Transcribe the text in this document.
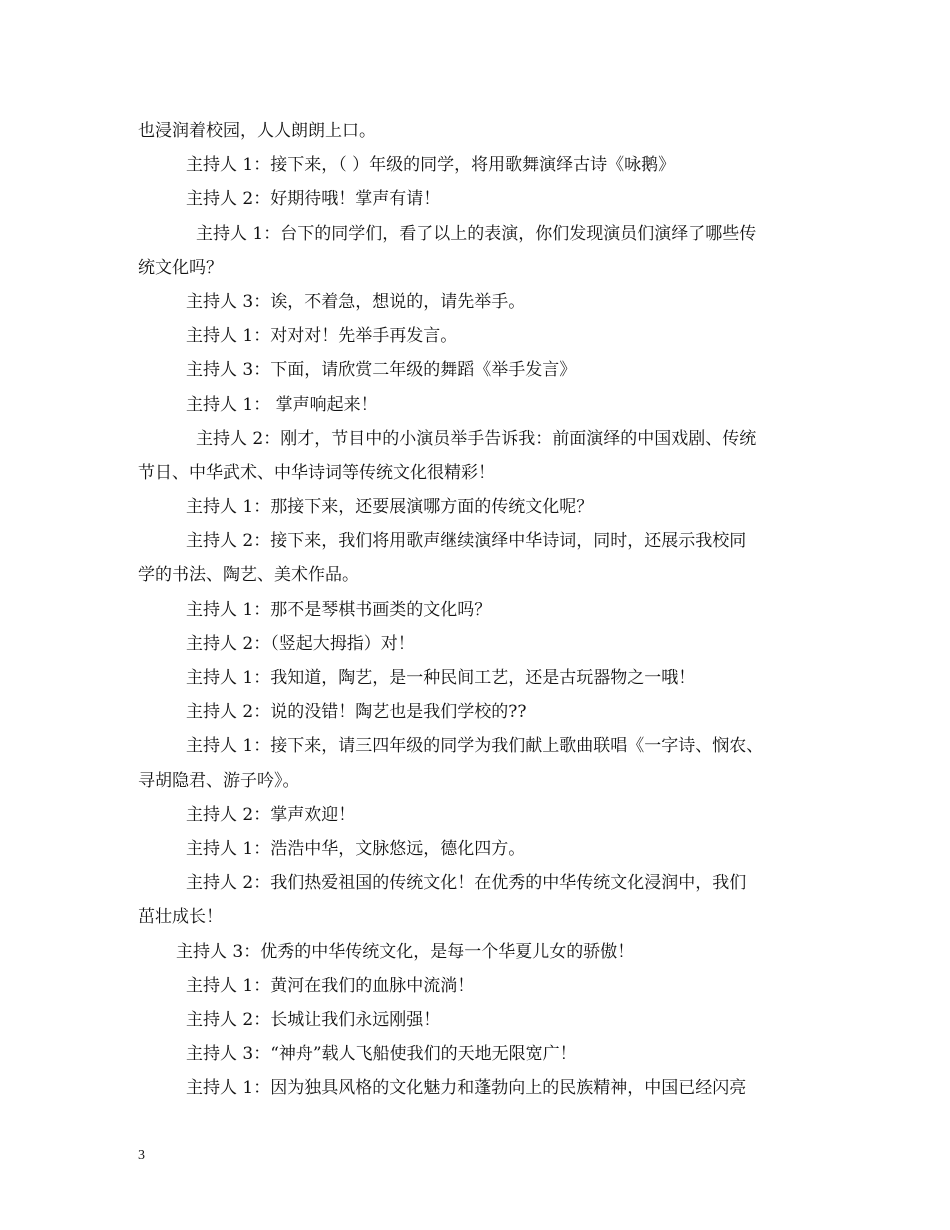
也浸润着校园，人人朗朗上口。
主持人 1：接下来，（ ）年级的同学，将用歌舞演绎古诗《咏鹅》
主持人 2：好期待哦！掌声有请！
主持人 1：台下的同学们，看了以上的表演，你们发现演员们演绎了哪些传
统文化吗？
主持人 3：诶，不着急，想说的，请先举手。
主持人 1：对对对！先举手再发言。
主持人 3：下面，请欣赏二年级的舞蹈《举手发言》
主持人 1： 掌声响起来！
主持人 2：刚才，节目中的小演员举手告诉我：前面演绎的中国戏剧、传统
节日、中华武术、中华诗词等传统文化很精彩！
主持人 1：那接下来，还要展演哪方面的传统文化呢？
主持人 2：接下来，我们将用歌声继续演绎中华诗词，同时，还展示我校同
学的书法、陶艺、美术作品。
主持人 1：那不是琴棋书画类的文化吗？
主持人 2：（竖起大拇指）对！
主持人 1：我知道，陶艺，是一种民间工艺，还是古玩器物之一哦！
主持人 2：说的没错！陶艺也是我们学校的??
主持人 1：接下来，请三四年级的同学为我们献上歌曲联唱《一字诗、悯农、
寻胡隐君、游子吟》。
主持人 2：掌声欢迎！
主持人 1：浩浩中华，文脉悠远，德化四方。
主持人 2：我们热爱祖国的传统文化！在优秀的中华传统文化浸润中，我们
茁壮成长！
主持人 3：优秀的中华传统文化，是每一个华夏儿女的骄傲！
主持人 1：黄河在我们的血脉中流淌！
主持人 2：长城让我们永远刚强！
主持人 3：“神舟”载人飞船使我们的天地无限宽广！
主持人 1：因为独具风格的文化魅力和蓬勃向上的民族精神，中国已经闪亮
3
